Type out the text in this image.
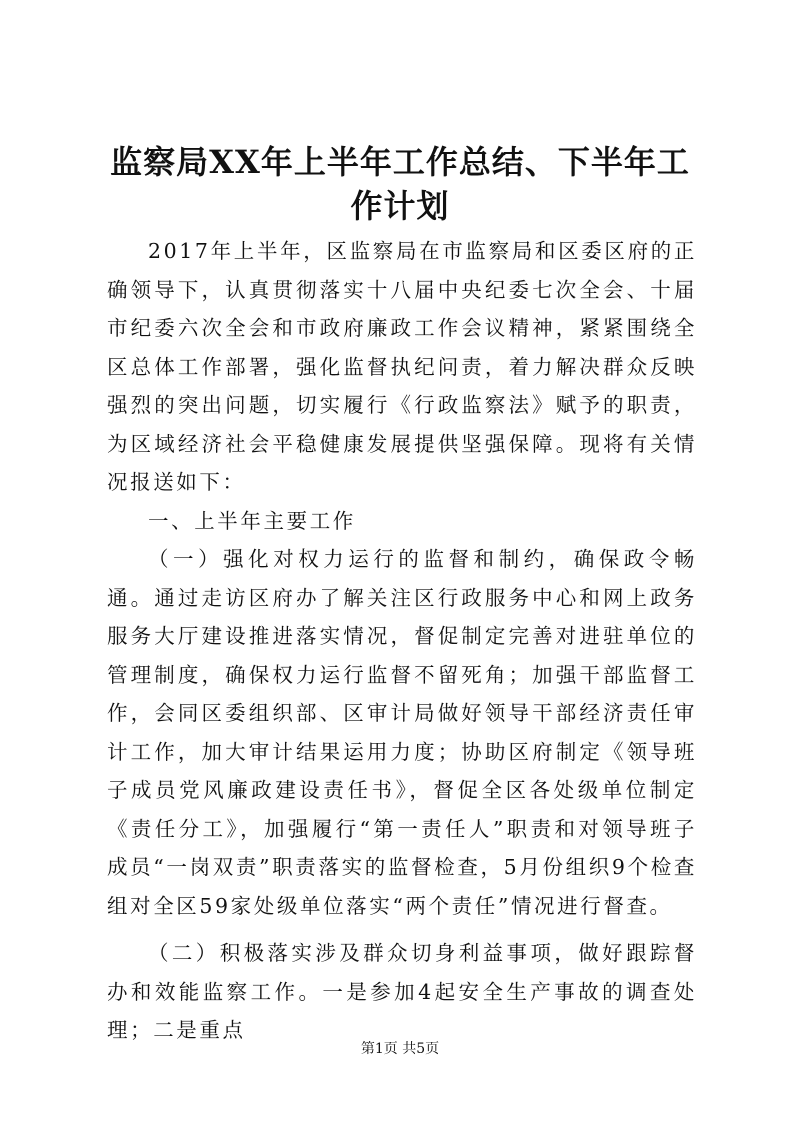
监察局XX年上半年工作总结、下半年工作计划

2017年上半年，区监察局在市监察局和区委区府的正确领导下，认真贯彻落实十八届中央纪委七次全会、十届市纪委六次全会和市政府廉政工作会议精神，紧紧围绕全区总体工作部署，强化监督执纪问责，着力解决群众反映强烈的突出问题，切实履行《行政监察法》赋予的职责，为区域经济社会平稳健康发展提供坚强保障。现将有关情况报送如下：

一、上半年主要工作

（一）强化对权力运行的监督和制约，确保政令畅通。通过走访区府办了解关注区行政服务中心和网上政务服务大厅建设推进落实情况，督促制定完善对进驻单位的管理制度，确保权力运行监督不留死角；加强干部监督工作，会同区委组织部、区审计局做好领导干部经济责任审计工作，加大审计结果运用力度；协助区府制定《领导班子成员党风廉政建设责任书》，督促全区各处级单位制定《责任分工》，加强履行“第一责任人”职责和对领导班子成员“一岗双责”职责落实的监督检查，5月份组织9个检查组对全区59家处级单位落实“两个责任”情况进行督查。

（二）积极落实涉及群众切身利益事项，做好跟踪督办和效能监察工作。一是参加4起安全生产事故的调查处理；二是重点

第1页 共5页
